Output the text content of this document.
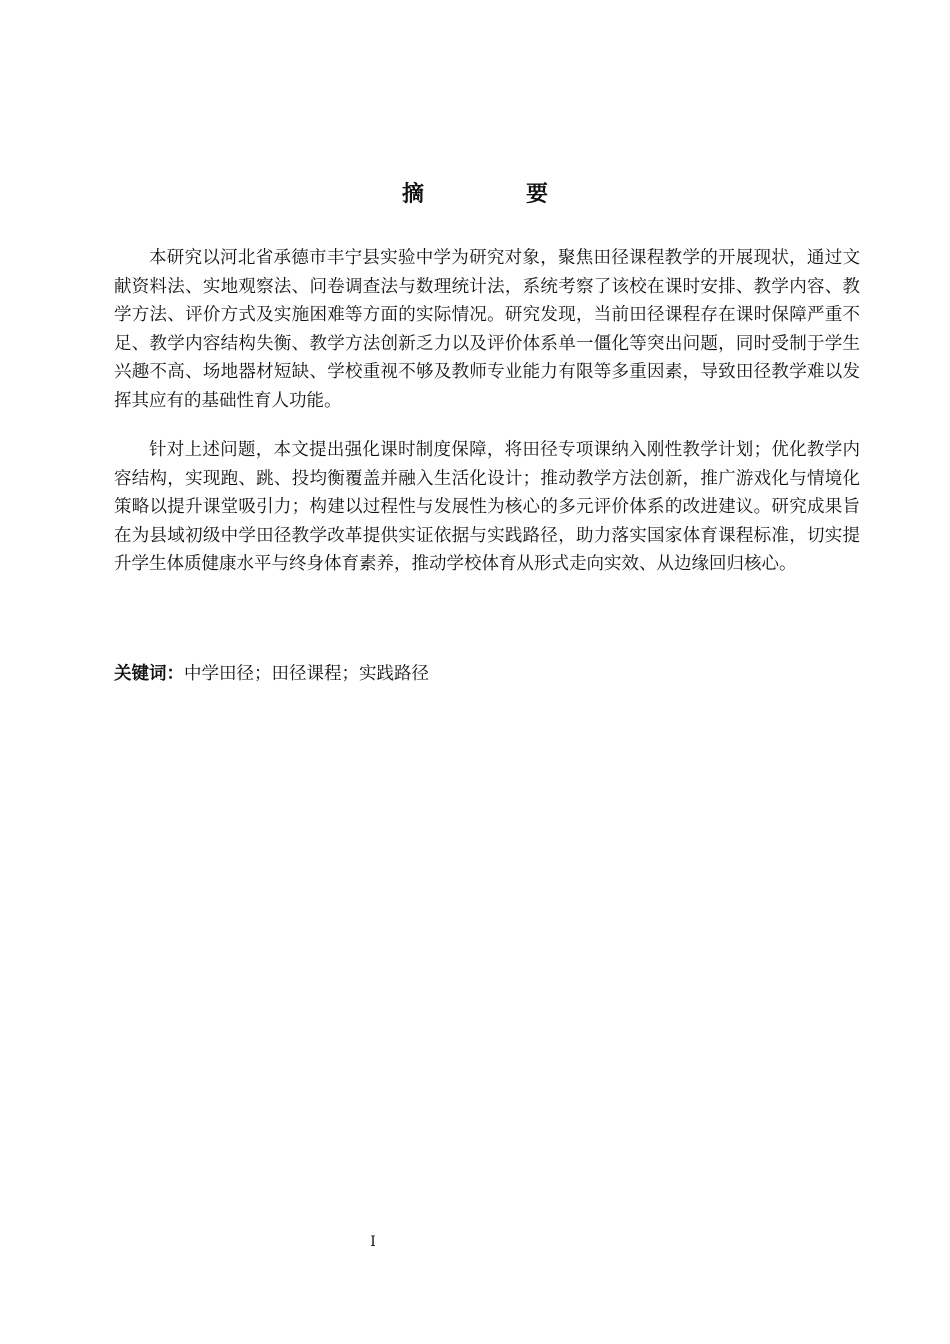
摘　要

本研究以河北省承德市丰宁县实验中学为研究对象，聚焦田径课程教学的开展现状，通过文献资料法、实地观察法、问卷调查法与数理统计法，系统考察了该校在课时安排、教学内容、教学方法、评价方式及实施困难等方面的实际情况。研究发现，当前田径课程存在课时保障严重不足、教学内容结构失衡、教学方法创新乏力以及评价体系单一僵化等突出问题，同时受制于学生兴趣不高、场地器材短缺、学校重视不够及教师专业能力有限等多重因素，导致田径教学难以发挥其应有的基础性育人功能。

针对上述问题，本文提出强化课时制度保障，将田径专项课纳入刚性教学计划；优化教学内容结构，实现跑、跳、投均衡覆盖并融入生活化设计；推动教学方法创新，推广游戏化与情境化策略以提升课堂吸引力；构建以过程性与发展性为核心的多元评价体系的改进建议。研究成果旨在为县域初级中学田径教学改革提供实证依据与实践路径，助力落实国家体育课程标准，切实提升学生体质健康水平与终身体育素养，推动学校体育从形式走向实效、从边缘回归核心。

关键词：中学田径；田径课程；实践路径
I
